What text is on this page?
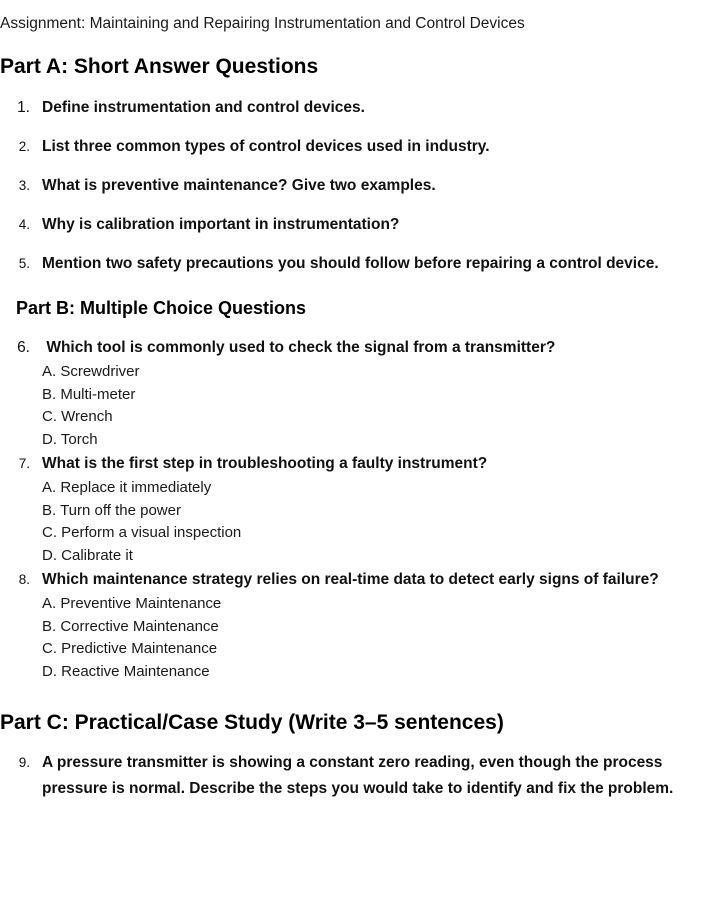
Assignment: Maintaining and Repairing Instrumentation and Control Devices
Part A: Short Answer Questions
1. Define instrumentation and control devices.
2. List three common types of control devices used in industry.
3. What is preventive maintenance? Give two examples.
4. Why is calibration important in instrumentation?
5. Mention two safety precautions you should follow before repairing a control device.
Part B: Multiple Choice Questions
6. Which tool is commonly used to check the signal from a transmitter?
A. Screwdriver
B. Multi-meter
C. Wrench
D. Torch
7. What is the first step in troubleshooting a faulty instrument?
A. Replace it immediately
B. Turn off the power
C. Perform a visual inspection
D. Calibrate it
8. Which maintenance strategy relies on real-time data to detect early signs of failure?
A. Preventive Maintenance
B. Corrective Maintenance
C. Predictive Maintenance
D. Reactive Maintenance
Part C: Practical/Case Study (Write 3–5 sentences)
9. A pressure transmitter is showing a constant zero reading, even though the process pressure is normal. Describe the steps you would take to identify and fix the problem.
